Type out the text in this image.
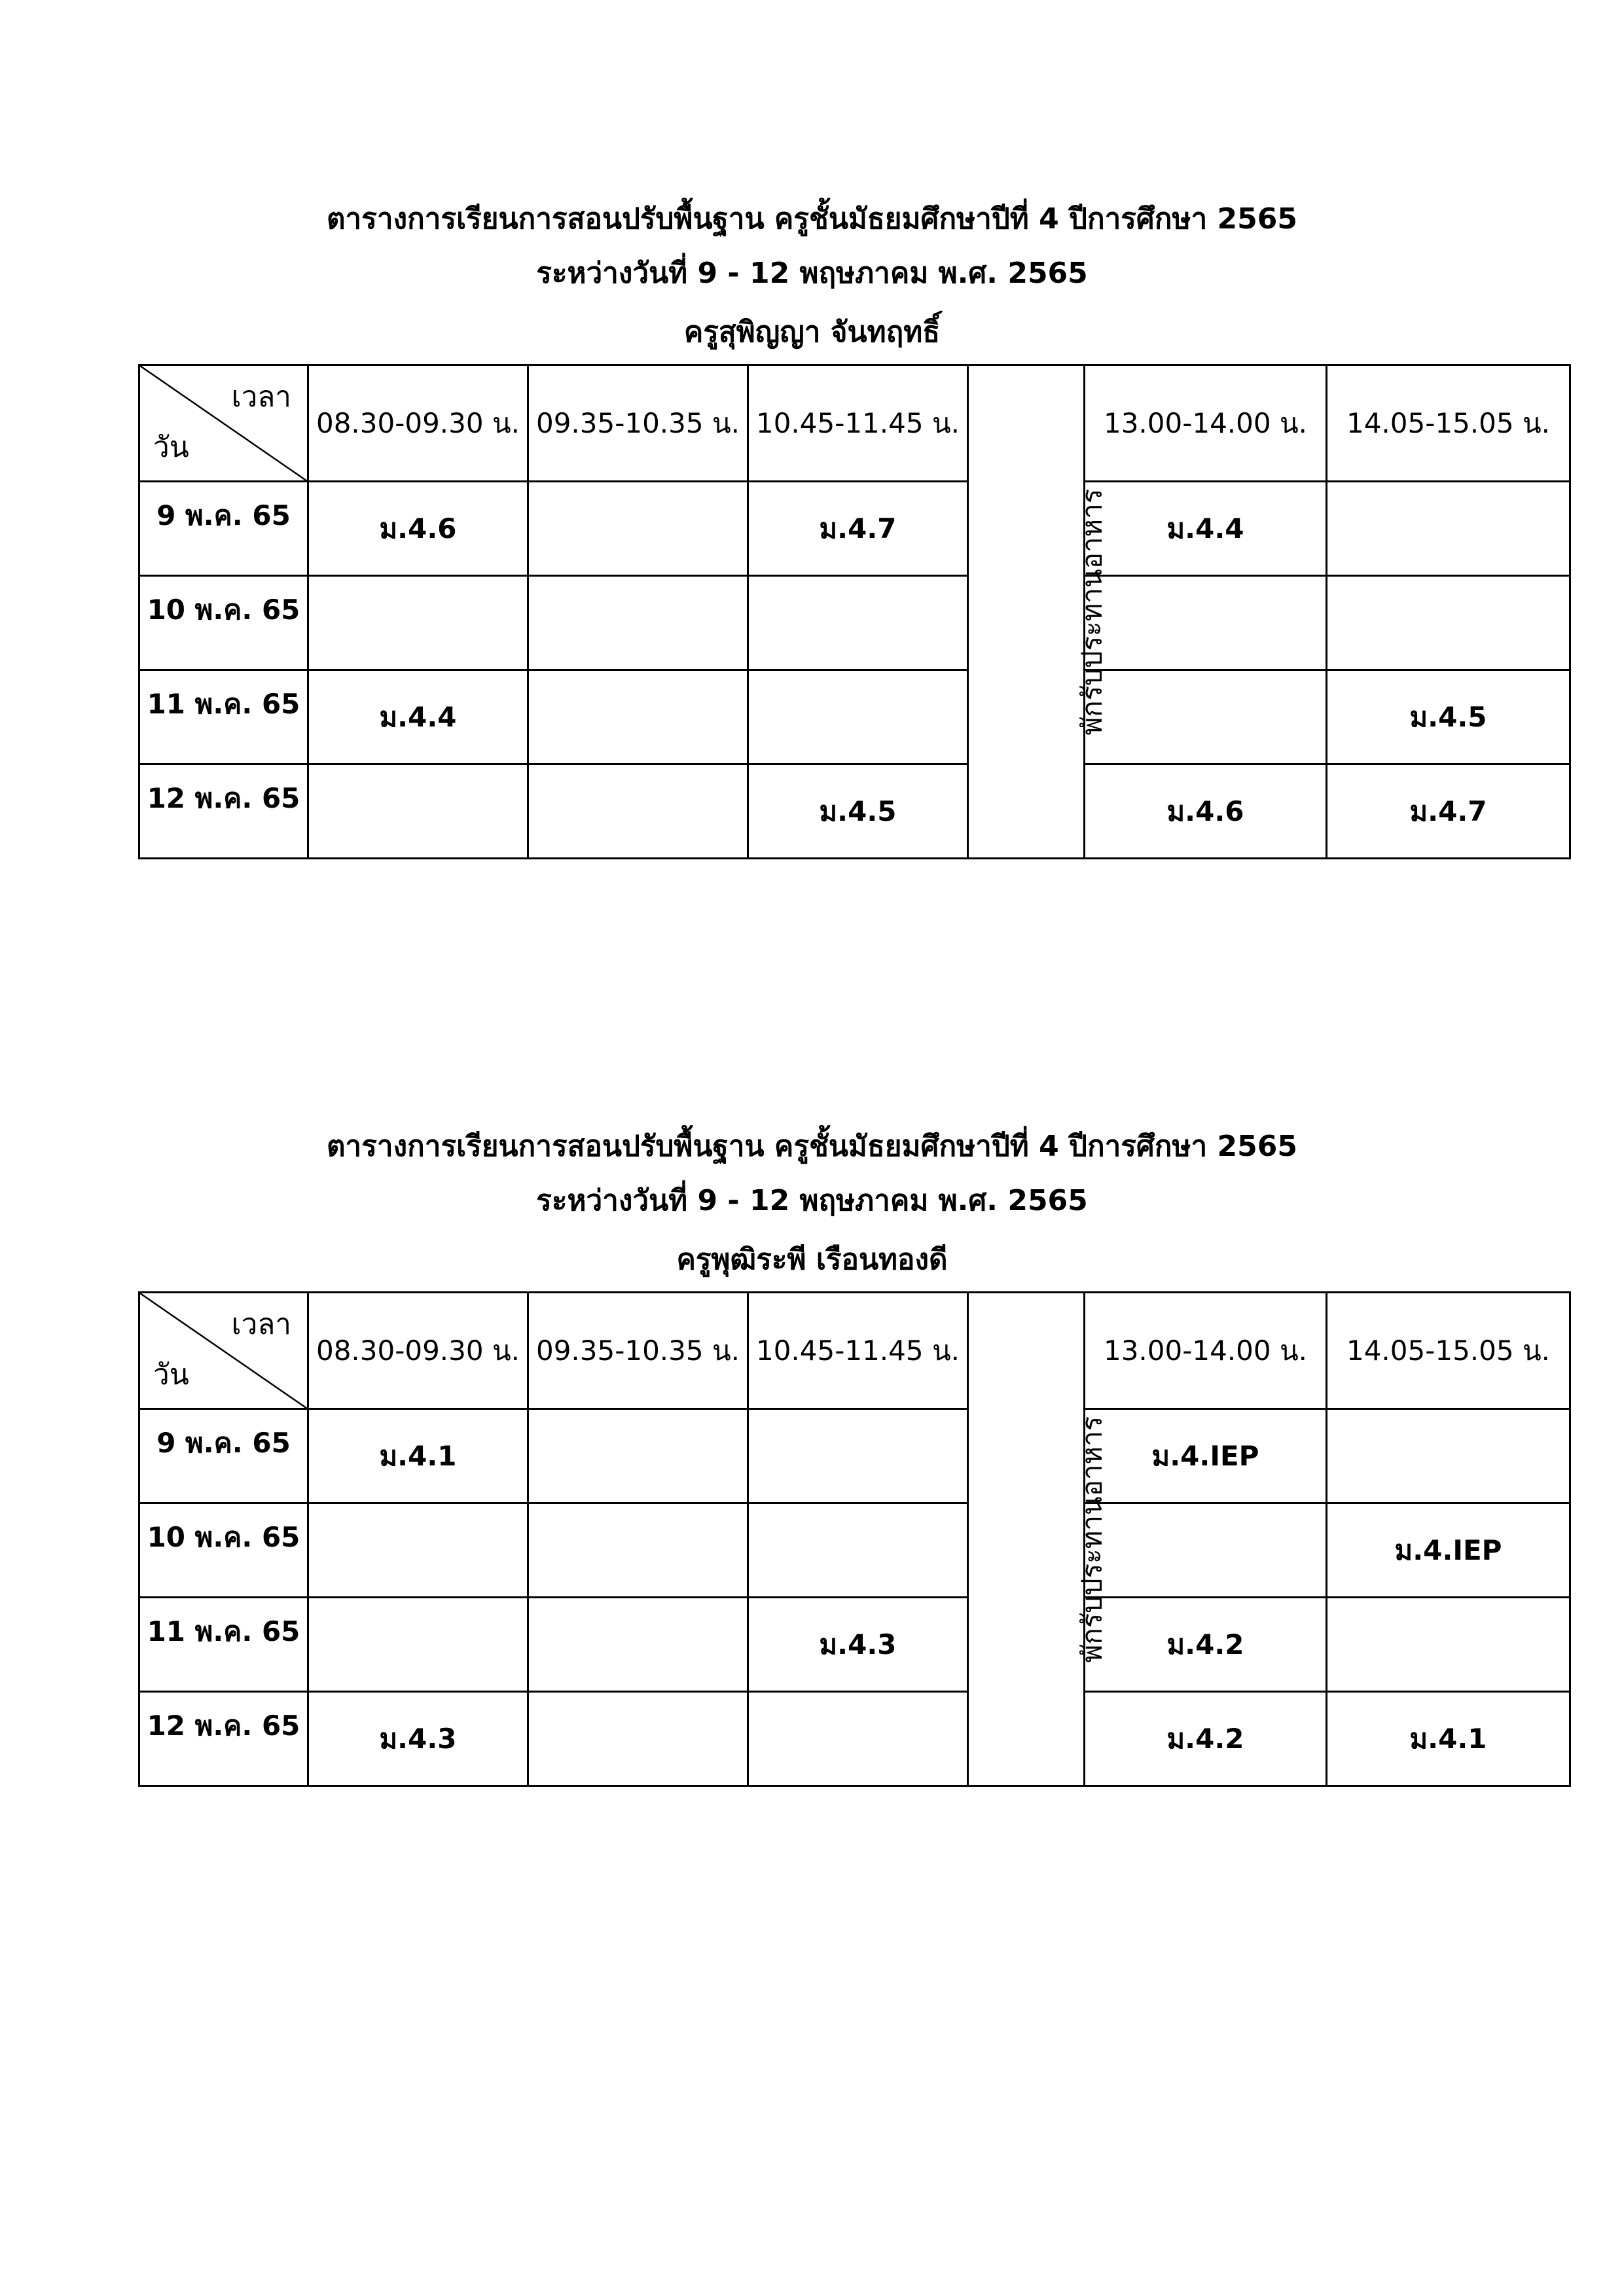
ตารางการเรียนการสอนปรับพื้นฐาน ครูชั้นมัธยมศึกษาปีที่ 4 ปีการศึกษา 2565
ระหว่างวันที่ 9 - 12 พฤษภาคม พ.ศ. 2565
ครูสุพิญญา จันทฤทธิ์
เวลา
วัน	08.30-09.30 น.	09.35-10.35 น.	10.45-11.45 น.	พักรับประทานอาหาร	13.00-14.00 น.	14.05-15.05 น.

9 พ.ค. 65	ม.4.6		ม.4.7		ม.4.4	

10 พ.ค. 65						

11 พ.ค. 65	ม.4.4					ม.4.5

12 พ.ค. 65			ม.4.5		ม.4.6	ม.4.7
ตารางการเรียนการสอนปรับพื้นฐาน ครูชั้นมัธยมศึกษาปีที่ 4 ปีการศึกษา 2565
ระหว่างวันที่ 9 - 12 พฤษภาคม พ.ศ. 2565
ครูพุฒิระพี เรือนทองดี
เวลา
วัน	08.30-09.30 น.	09.35-10.35 น.	10.45-11.45 น.	พักรับประทานอาหาร	13.00-14.00 น.	14.05-15.05 น.

9 พ.ค. 65	ม.4.1				ม.4.IEP	

10 พ.ค. 65						ม.4.IEP

11 พ.ค. 65			ม.4.3		ม.4.2	

12 พ.ค. 65	ม.4.3				ม.4.2	ม.4.1
